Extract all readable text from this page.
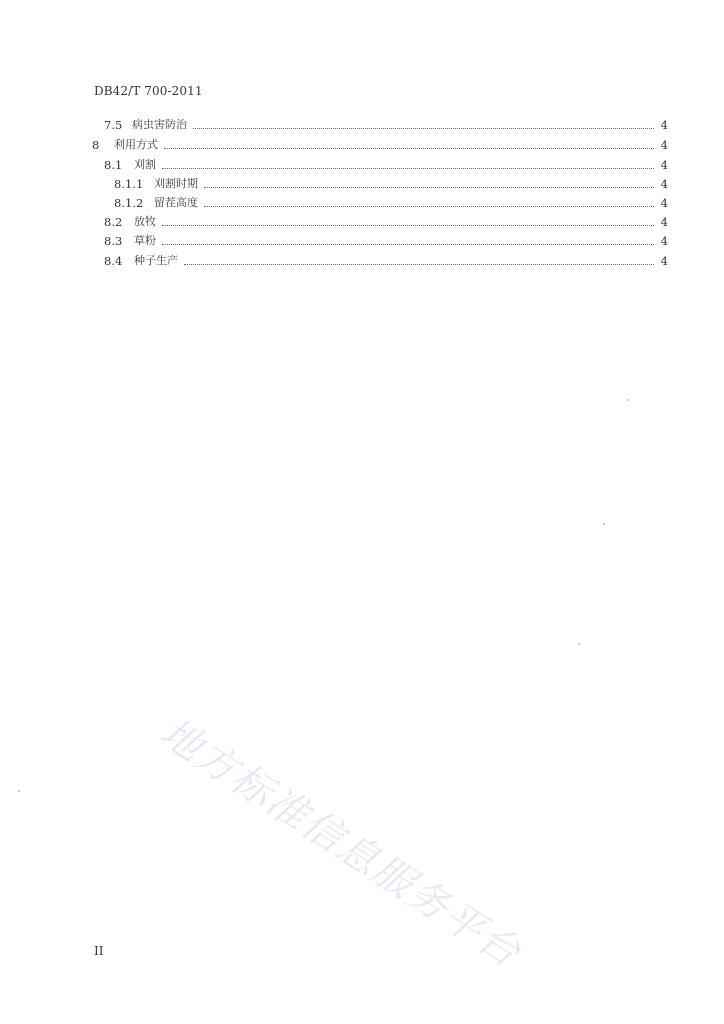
DB42/T 700-2011
7.5 病虫害防治	4
8	利用方式	4
8.1	刈割	4
8.1.1 刈割时期	4
8.1.2 留茬高度	4
8.2	放牧	4
8.3	草粉	4
8.4	种子生产	4
地方标准信息服务平台
II
